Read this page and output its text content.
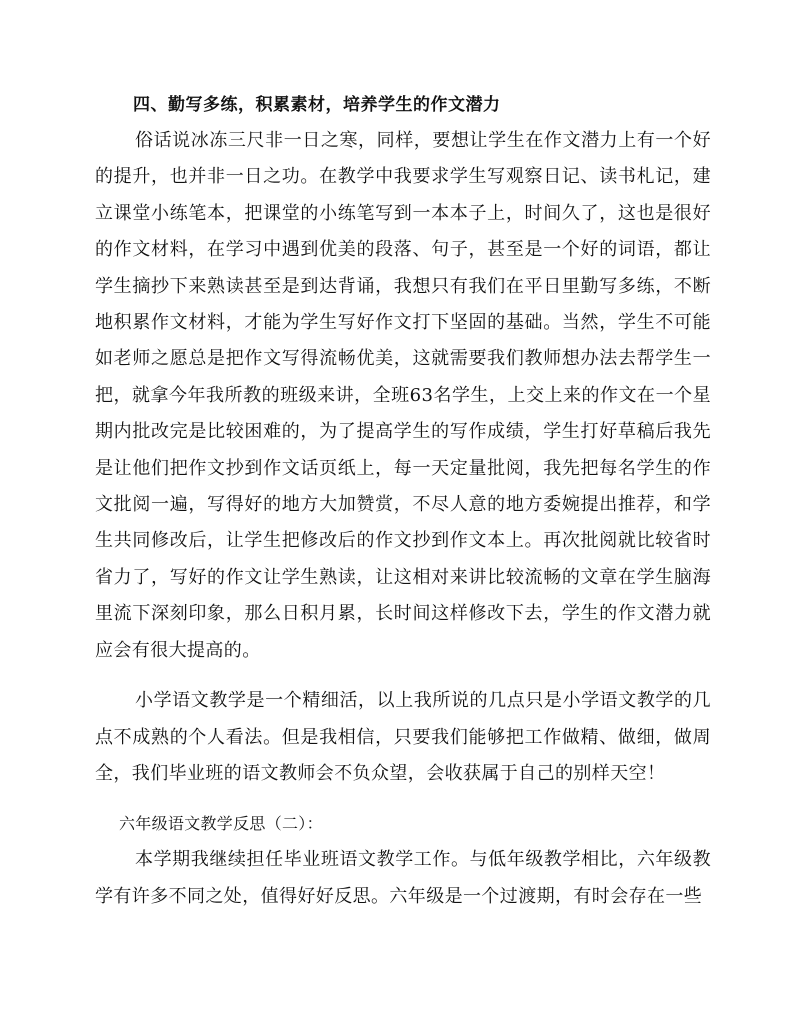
四、勤写多练，积累素材，培养学生的作文潜力

俗话说冰冻三尺非一日之寒，同样，要想让学生在作文潜力上有一个好的提升，也并非一日之功。在教学中我要求学生写观察日记、读书札记，建立课堂小练笔本，把课堂的小练笔写到一本本子上，时间久了，这也是很好的作文材料，在学习中遇到优美的段落、句子，甚至是一个好的词语，都让学生摘抄下来熟读甚至是到达背诵，我想只有我们在平日里勤写多练，不断地积累作文材料，才能为学生写好作文打下坚固的基础。当然，学生不可能如老师之愿总是把作文写得流畅优美，这就需要我们教师想办法去帮学生一把，就拿今年我所教的班级来讲，全班63名学生，上交上来的作文在一个星期内批改完是比较困难的，为了提高学生的写作成绩，学生打好草稿后我先是让他们把作文抄到作文话页纸上，每一天定量批阅，我先把每名学生的作文批阅一遍，写得好的地方大加赞赏，不尽人意的地方委婉提出推荐，和学生共同修改后，让学生把修改后的作文抄到作文本上。再次批阅就比较省时省力了，写好的作文让学生熟读，让这相对来讲比较流畅的文章在学生脑海里流下深刻印象，那么日积月累，长时间这样修改下去，学生的作文潜力就应会有很大提高的。

小学语文教学是一个精细活，以上我所说的几点只是小学语文教学的几点不成熟的个人看法。但是我相信，只要我们能够把工作做精、做细，做周全，我们毕业班的语文教师会不负众望，会收获属于自己的别样天空！

六年级语文教学反思（二）：

本学期我继续担任毕业班语文教学工作。与低年级教学相比，六年级教学有许多不同之处，值得好好反思。六年级是一个过渡期，有时会存在一些
